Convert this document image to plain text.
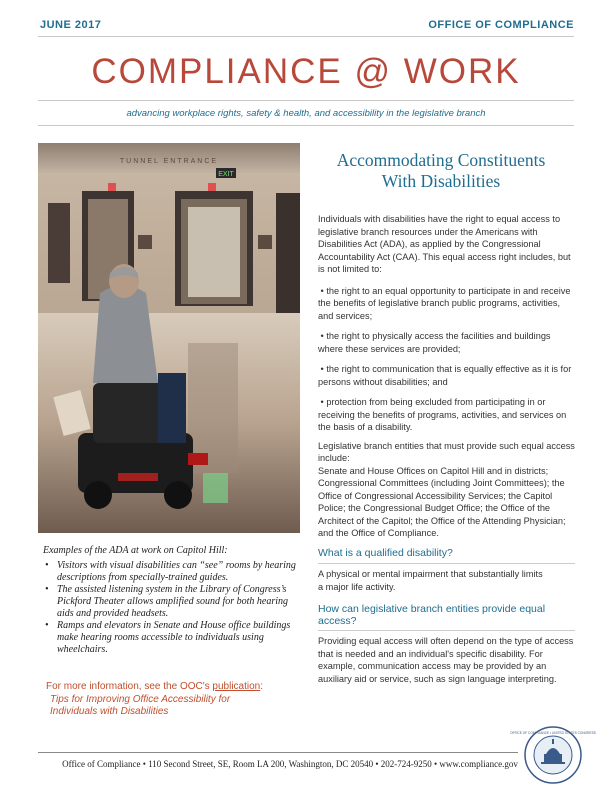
JUNE 2017	OFFICE OF COMPLIANCE
COMPLIANCE @ WORK
advancing workplace rights, safety & health, and accessibility in the legislative branch
EXIT
TUNNEL ENTRANCE
Examples of the ADA at work on Capitol Hill:
• Visitors with visual disabilities can “see” rooms by hearing descriptions from specially-trained guides.
• The assisted listening system in the Library of Congress’s Pickford Theater allows amplified sound for both hearing aids and provided headsets.
• Ramps and elevators in Senate and House office buildings make hearing rooms accessible to individuals using wheelchairs.
For more information, see the OOC's publication:
Tips for Improving Office Accessibility for
Individuals with Disabilities
Accommodating Constituents
With Disabilities

Individuals with disabilities have the right to equal access to legislative branch resources under the Americans with Disabilities Act (ADA), as applied by the Congressional Accountability Act (CAA). This equal access right includes, but is not limited to:

• the right to an equal opportunity to participate in and receive the benefits of legislative branch public programs, activities, and services;

• the right to physically access the facilities and buildings where these services are provided;

• the right to communication that is equally effective as it is for persons without disabilities; and

• protection from being excluded from participating in or receiving the benefits of programs, activities, and services on the basis of a disability.

Legislative branch entities that must provide such equal access include:

Senate and House Offices on Capitol Hill and in districts; Congressional Committees (including Joint Committees); the Office of Congressional Accessibility Services; the Capitol Police; the Congressional Budget Office; the Office of the Architect of the Capitol; the Office of the Attending Physician; and the Office of Compliance.

What is a qualified disability?
A physical or mental impairment that substantially limits a major life activity.
How can legislative branch entities provide equal access?
Providing equal access will often depend on the type of access that is needed and an individual's specific disability. For example, communication access may be provided by an auxiliary aid or service, such as sign language interpreting.
Office of Compliance • 110 Second Street, SE, Room LA 200, Washington, DC 20540 • 202-724-9250 • www.compliance.gov
OFFICE OF COMPLIANCE • UNITED STATES CONGRESS
